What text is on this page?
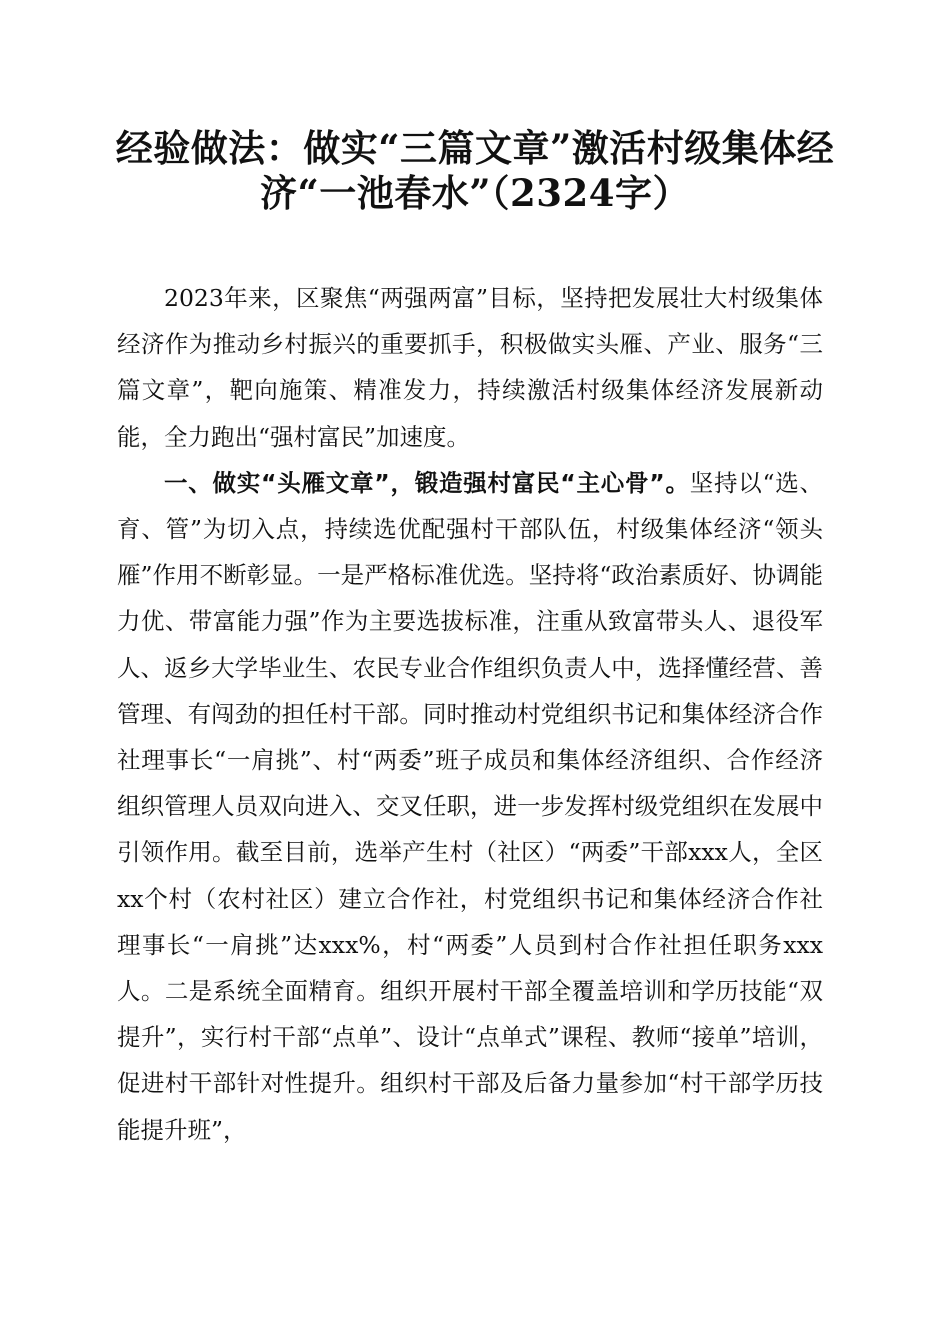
经验做法：做实“三篇文章”激活村级集体经
济“一池春水”（2324字）

2023年来，区聚焦“两强两富”目标，坚持把发展壮大村级集体经济作为推动乡村振兴的重要抓手，积极做实头雁、产业、服务“三篇文章”，靶向施策、精准发力，持续激活村级集体经济发展新动能，全力跑出“强村富民”加速度。

一、做实“头雁文章”，锻造强村富民“主心骨”。坚持以“选、育、管”为切入点，持续选优配强村干部队伍，村级集体经济“领头雁”作用不断彰显。一是严格标准优选。坚持将“政治素质好、协调能力优、带富能力强”作为主要选拔标准，注重从致富带头人、退役军人、返乡大学毕业生、农民专业合作组织负责人中，选择懂经营、善管理、有闯劲的担任村干部。同时推动村党组织书记和集体经济合作社理事长“一肩挑”、村“两委”班子成员和集体经济组织、合作经济组织管理人员双向进入、交叉任职，进一步发挥村级党组织在发展中引领作用。截至目前，选举产生村（社区）“两委”干部xxx人，全区xx个村（农村社区）建立合作社，村党组织书记和集体经济合作社理事长“一肩挑”达xxx%，村“两委”人员到村合作社担任职务xxx人。二是系统全面精育。组织开展村干部全覆盖培训和学历技能“双提升”，实行村干部“点单”、设计“点单式”课程、教师“接单”培训，促进村干部针对性提升。组织村干部及后备力量参加“村干部学历技能提升班”，
